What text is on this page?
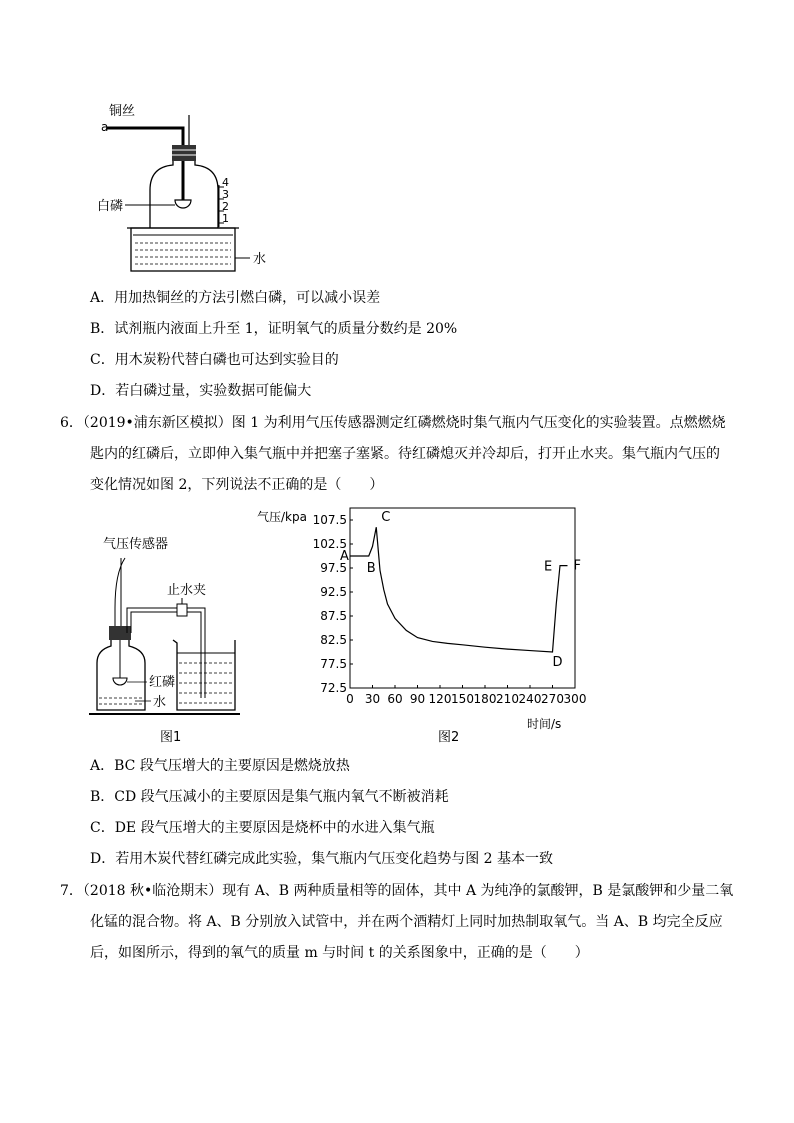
铜丝
a
白磷
4
3
2
1
水
A．用加热铜丝的方法引燃白磷，可以减小误差
B．试剂瓶内液面上升至 1，证明氧气的质量分数约是 20%
C．用木炭粉代替白磷也可达到实验目的
D．若白磷过量，实验数据可能偏大
6．（2019•浦东新区模拟）图 1 为利用气压传感器测定红磷燃烧时集气瓶内气压变化的实验装置。点燃燃烧
匙内的红磷后，立即伸入集气瓶中并把塞子塞紧。待红磷熄灭并冷却后，打开止水夹。集气瓶内气压的
变化情况如图 2，下列说法不正确的是（　　）
气压传感器
止水夹
红磷
水
图1
气压/kpa
时间/s
0 30 60 90 120 150 180 210 240 270 300
107.5
102.5
97.5
92.5
87.5
82.5
77.5
72.5
A
B
C
D
E F
图2
A．BC 段气压增大的主要原因是燃烧放热
B．CD 段气压减小的主要原因是集气瓶内氧气不断被消耗
C．DE 段气压增大的主要原因是烧杯中的水进入集气瓶
D．若用木炭代替红磷完成此实验，集气瓶内气压变化趋势与图 2 基本一致
7．（2018 秋•临沧期末）现有 A、B 两种质量相等的固体，其中 A 为纯净的氯酸钾，B 是氯酸钾和少量二氧
化锰的混合物。将 A、B 分别放入试管中，并在两个酒精灯上同时加热制取氧气。当 A、B 均完全反应
后，如图所示，得到的氧气的质量 m 与时间 t 的关系图象中，正确的是（　　）
